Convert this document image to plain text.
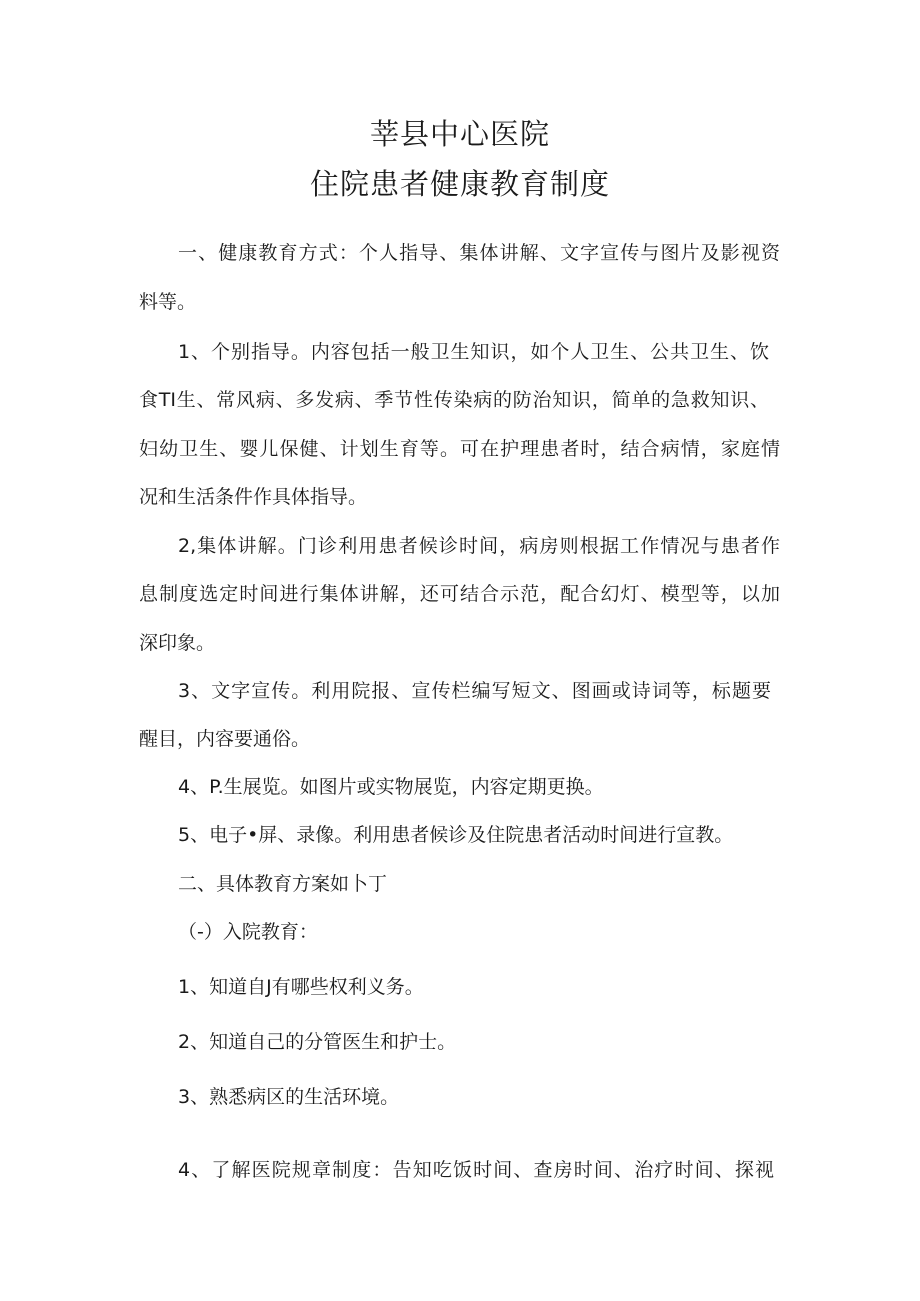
莘县中心医院
住院患者健康教育制度

一、健康教育方式：个人指导、集体讲解、文字宣传与图片及影视资

料等。

1、个别指导。内容包括一般卫生知识，如个人卫生、公共卫生、饮

食TI生、常风病、多发病、季节性传染病的防治知识，简单的急救知识、

妇幼卫生、婴儿保健、计划生育等。可在护理患者时，结合病情，家庭情

况和生活条件作具体指导。

2,集体讲解。门诊利用患者候诊时间，病房则根据工作情况与患者作

息制度选定时间进行集体讲解，还可结合示范，配合幻灯、模型等，以加

深印象。

3、文字宣传。利用院报、宣传栏编写短文、图画或诗词等，标题要

醒目，内容要通俗。

4、P.生展览。如图片或实物展览，内容定期更换。

5、电子•屏、录像。利用患者候诊及住院患者活动时间进行宣教。

二、具体教育方案如卜丁

（-）入院教育：

1、知道自J有哪些权利义务。

2、知道自己的分管医生和护士。

3、熟悉病区的生活环境。

4、了解医院规章制度：告知吃饭时间、查房时间、治疗时间、探视
